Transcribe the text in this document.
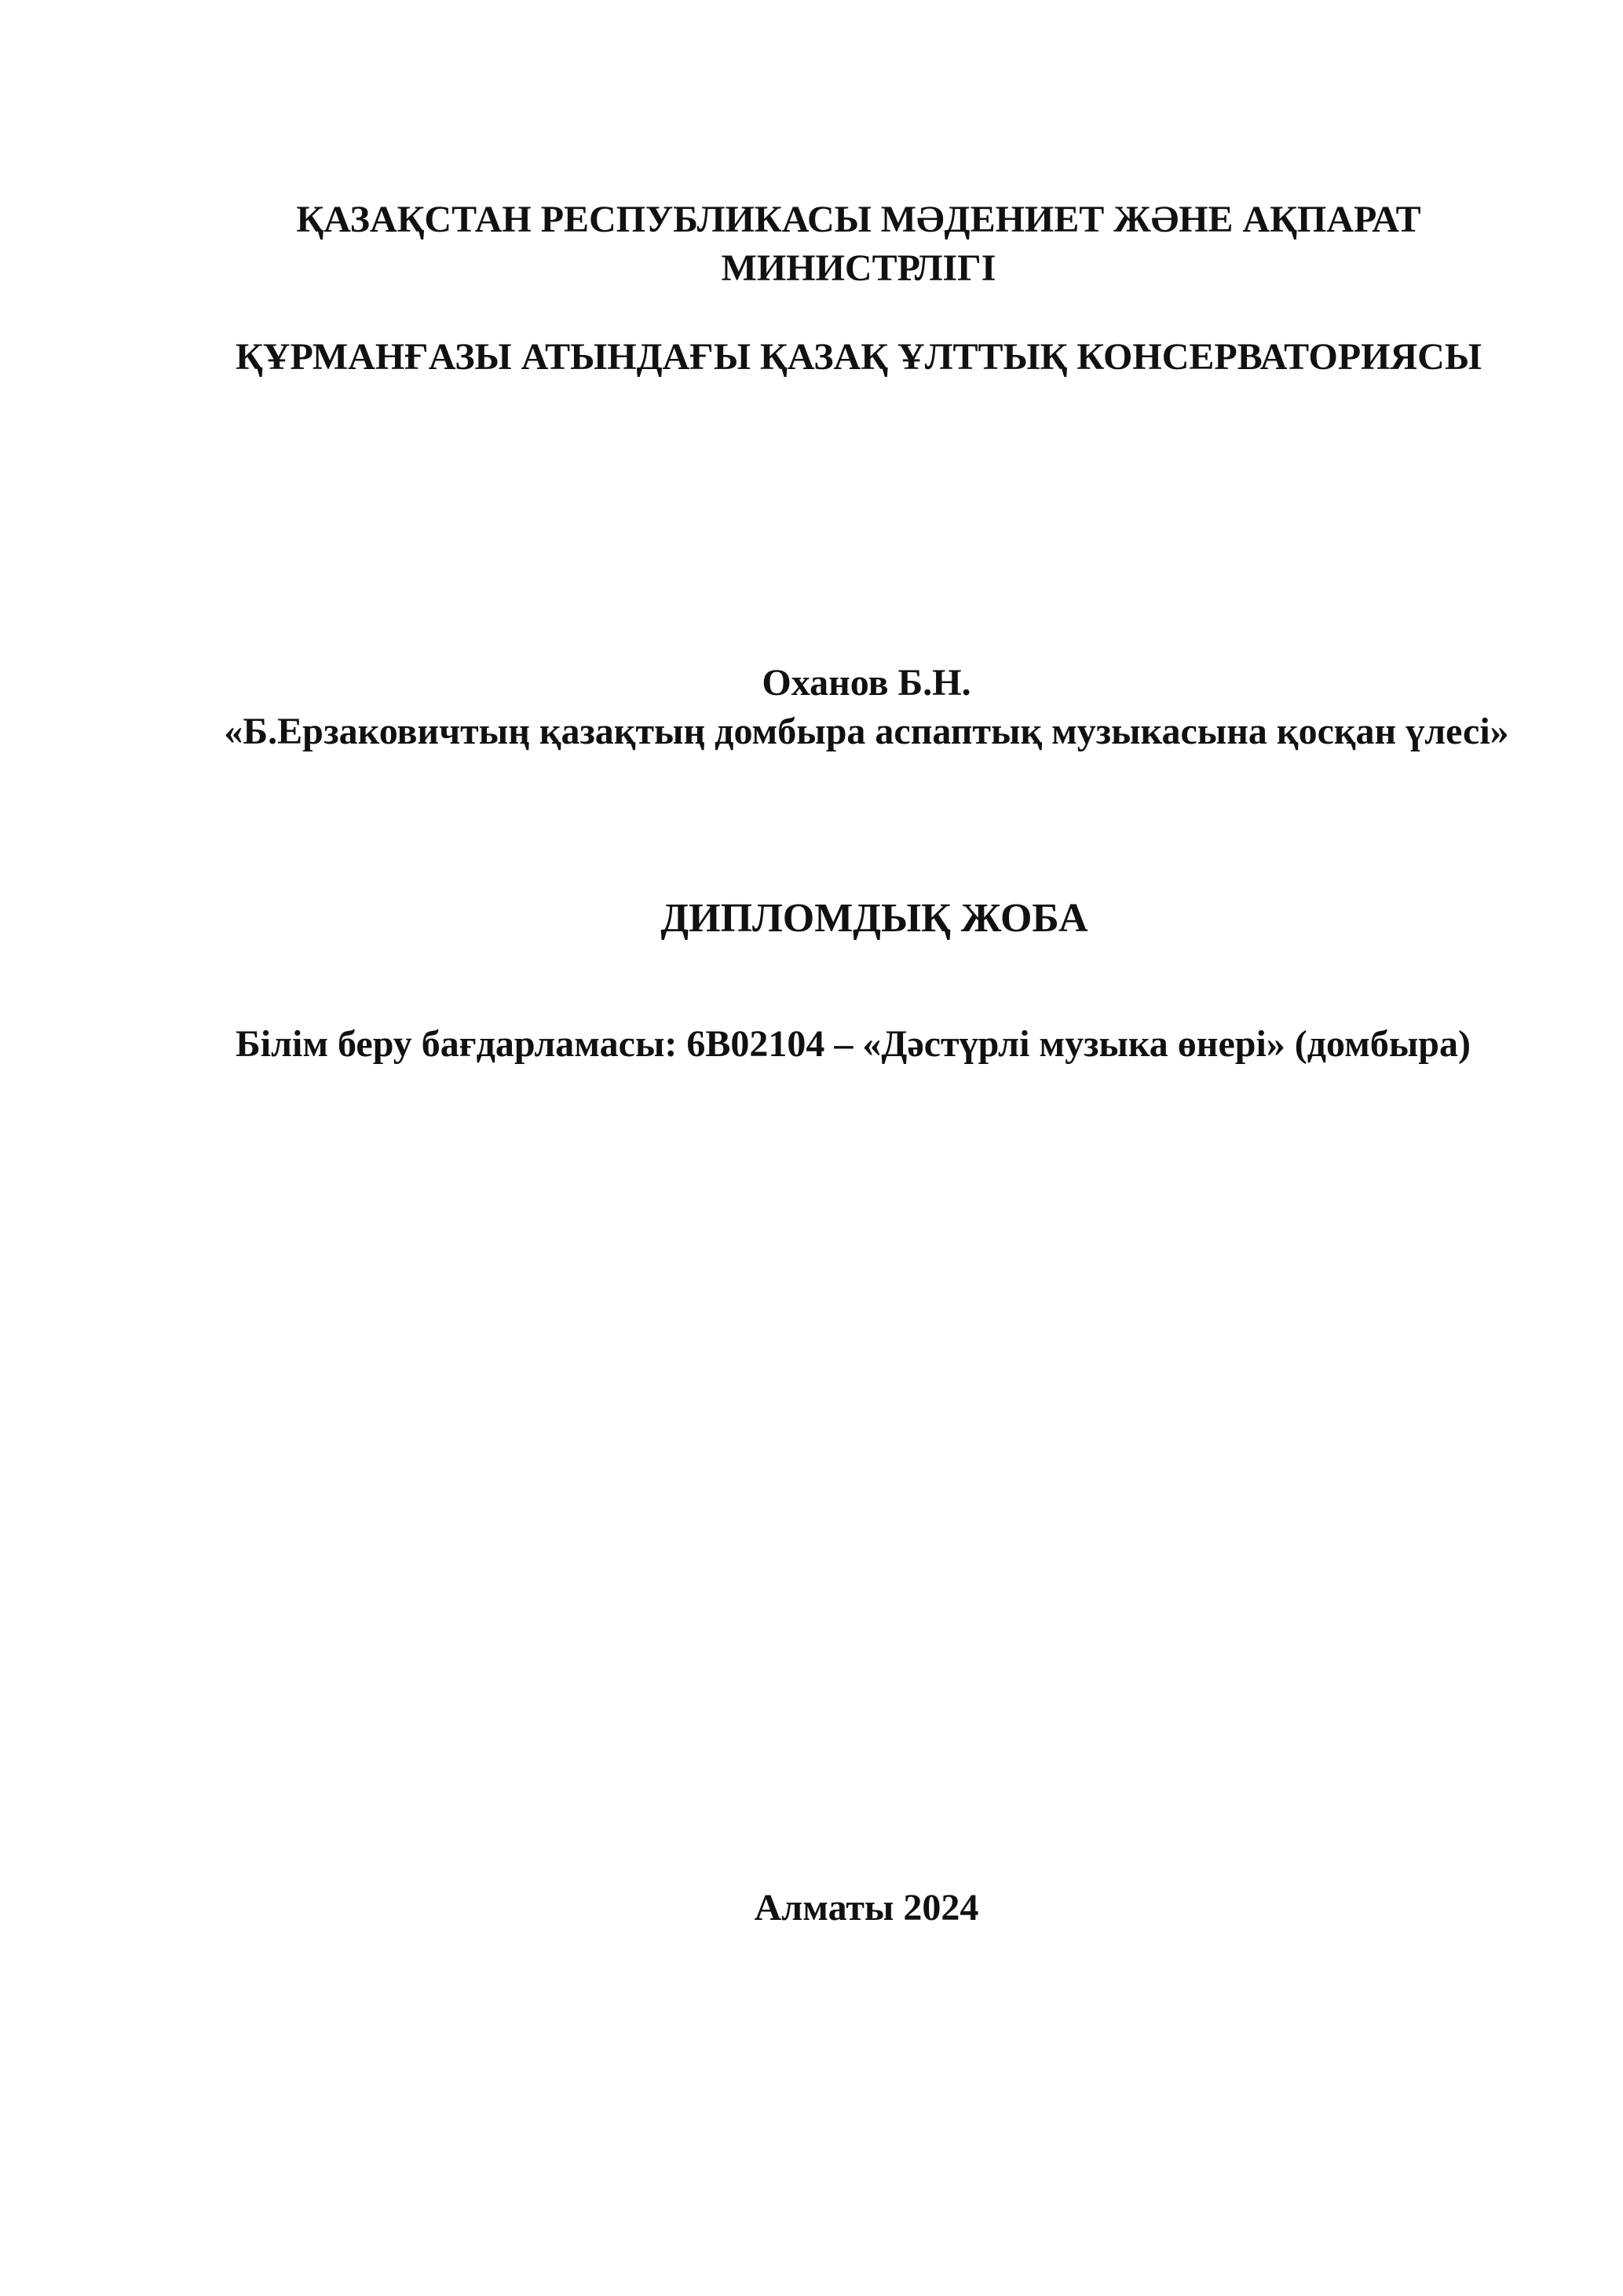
ҚАЗАҚСТАН РЕСПУБЛИКАСЫ МӘДЕНИЕТ ЖӘНЕ АҚПАРАТ

МИНИСТРЛІГІ

ҚҰРМАНҒАЗЫ АТЫНДАҒЫ ҚАЗАҚ ҰЛТТЫҚ КОНСЕРВАТОРИЯСЫ

Оханов Б.Н.

«Б.Ерзаковичтың қазақтың домбыра аспаптық музыкасына қосқан үлесі»

ДИПЛОМДЫҚ ЖОБА

Білім беру бағдарламасы: 6В02104 – «Дәстүрлі музыка өнері» (домбыра)

Алматы 2024
